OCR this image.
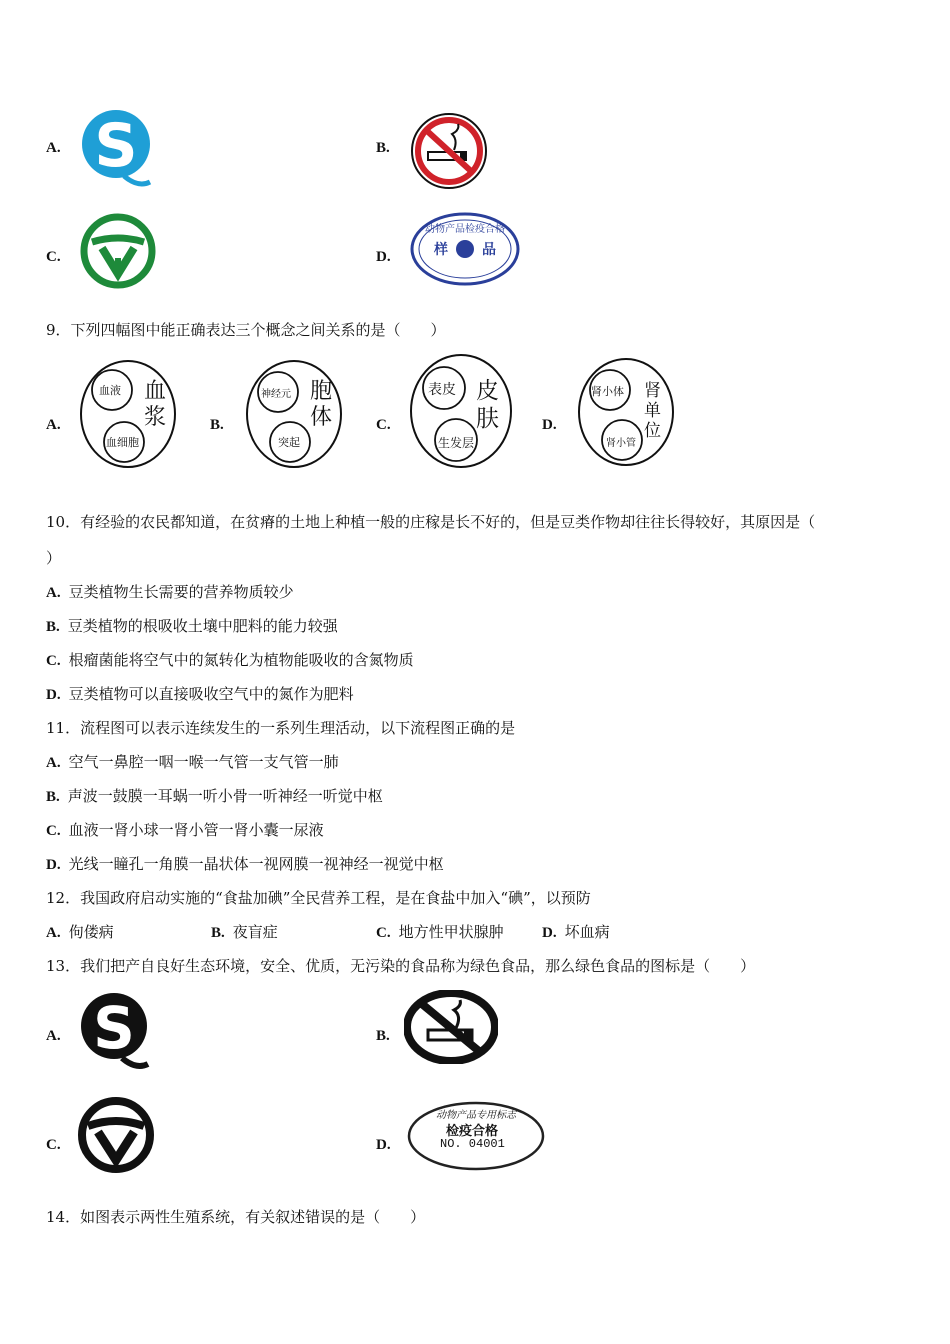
A. S	B.
C.	D.
动物产品检疫合格
样 品
9．下列四幅图中能正确表达三个概念之间关系的是（　　）
A.
血液
血细胞
血
浆	B.
神经元
突起
胞
体	C.
表皮
生发层
皮
肤	D.
肾小体
肾小管
肾
单
位
10．有经验的农民都知道，在贫瘠的土地上种植一般的庄稼是长不好的，但是豆类作物却往往长得较好，其原因是（
）
A. 豆类植物生长需要的营养物质较少
B. 豆类植物的根吸收土壤中肥料的能力较强
C. 根瘤菌能将空气中的氮转化为植物能吸收的含氮物质
D. 豆类植物可以直接吸收空气中的氮作为肥料
11．流程图可以表示连续发生的一系列生理活动，以下流程图正确的是
A. 空气一鼻腔一咽一喉一气管一支气管一肺
B. 声波一鼓膜一耳蜗一听小骨一听神经一听觉中枢
C. 血液一肾小球一肾小管一肾小囊一尿液
D. 光线一瞳孔一角膜一晶状体一视网膜一视神经一视觉中枢
12．我国政府启动实施的“食盐加碘”全民营养工程，是在食盐中加入“碘”，以预防
A. 佝偻病	B. 夜盲症	C. 地方性甲状腺肿	D. 坏血病
13．我们把产自良好生态环境，安全、优质，无污染的食品称为绿色食品，那么绿色食品的图标是（　　）
A. S	B.
C.	D.
动物产品专用标志
检疫合格
NO. 04001
14．如图表示两性生殖系统，有关叙述错误的是（　　）
